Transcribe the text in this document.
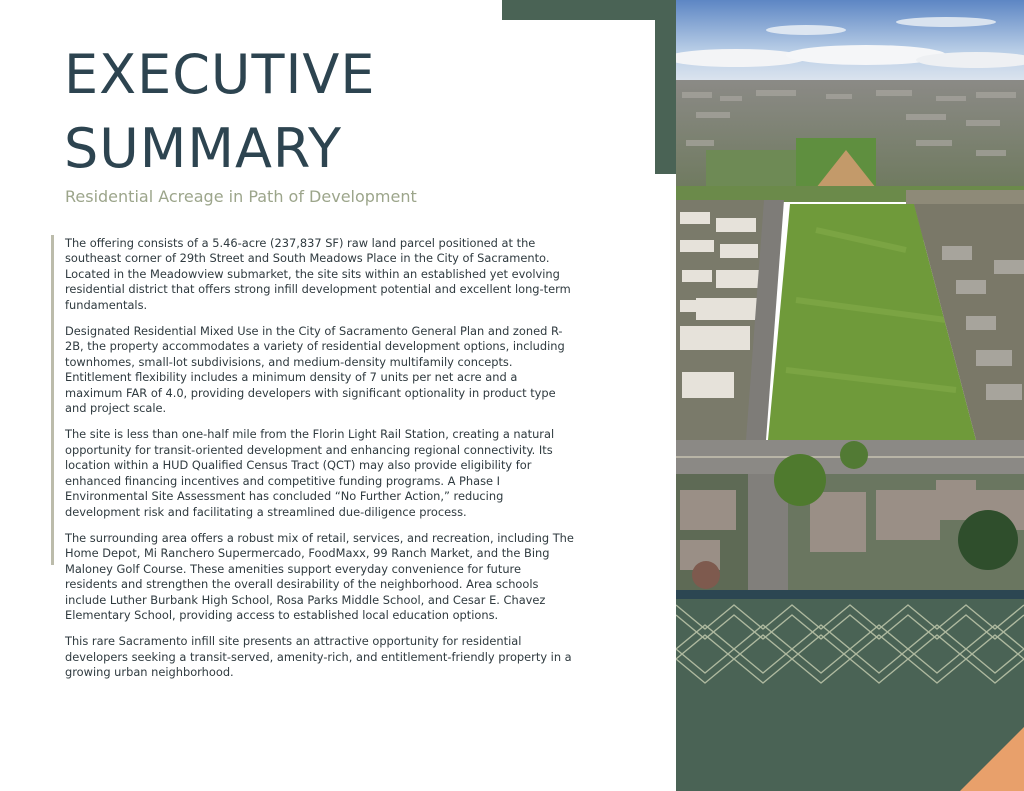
EXECUTIVE
SUMMARY
Residential Acreage in Path of Development

The offering consists of a 5.46-acre (237,837 SF) raw land parcel positioned at the southeast corner of 29th Street and South Meadows Place in the City of Sacramento. Located in the Meadowview submarket, the site sits within an established yet evolving residential district that offers strong infill development potential and excellent long-term fundamentals.

Designated Residential Mixed Use in the City of Sacramento General Plan and zoned R-2B, the property accommodates a variety of residential development options, including townhomes, small-lot subdivisions, and medium-density multifamily concepts. Entitlement flexibility includes a minimum density of 7 units per net acre and a maximum FAR of 4.0, providing developers with significant optionality in product type and project scale.

The site is less than one-half mile from the Florin Light Rail Station, creating a natural opportunity for transit-oriented development and enhancing regional connectivity. Its location within a HUD Qualified Census Tract (QCT) may also provide eligibility for enhanced financing incentives and competitive funding programs. A Phase I Environmental Site Assessment has concluded “No Further Action,” reducing development risk and facilitating a streamlined due-diligence process.

The surrounding area offers a robust mix of retail, services, and recreation, including The Home Depot, Mi Ranchero Supermercado, FoodMaxx, 99 Ranch Market, and the Bing Maloney Golf Course. These amenities support everyday convenience for future residents and strengthen the overall desirability of the neighborhood. Area schools include Luther Burbank High School, Rosa Parks Middle School, and Cesar E. Chavez Elementary School, providing access to established local education options.

This rare Sacramento infill site presents an attractive opportunity for residential developers seeking a transit-served, amenity-rich, and entitlement-friendly property in a growing urban neighborhood.
